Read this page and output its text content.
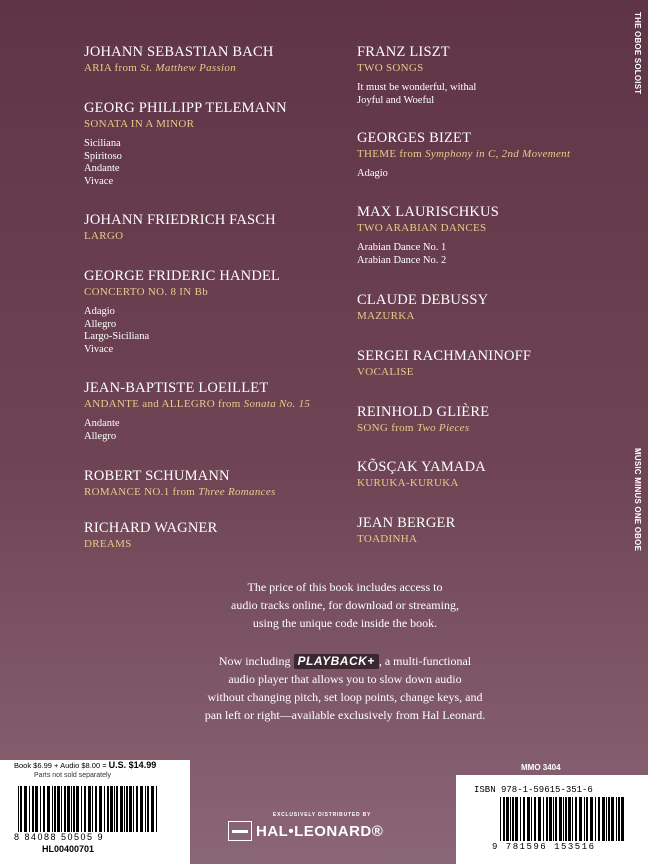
THE OBOE SOLOIST
MUSIC MINUS ONE OBOE
JOHANN SEBASTIAN BACH
ARIA from St. Matthew Passion
GEORG PHILLIPP TELEMANN
SONATA IN A MINOR
Siciliana
Spiritoso
Andante
Vivace
JOHANN FRIEDRICH FASCH
LARGO
GEORGE FRIDERIC HANDEL
CONCERTO NO. 8 IN Bb
Adagio
Allegro
Largo-Siciliana
Vivace
JEAN-BAPTISTE LOEILLET
ANDANTE and ALLEGRO from Sonata No. 15
Andante
Allegro
ROBERT SCHUMANN
ROMANCE NO.1 from Three Romances
RICHARD WAGNER
DREAMS
FRANZ LISZT
TWO SONGS
It must be wonderful, withal
Joyful and Woeful
GEORGES BIZET
THEME from Symphony in C, 2nd Movement
Adagio
MAX LAURISCHKUS
TWO ARABIAN DANCES
Arabian Dance No. 1
Arabian Dance No. 2
CLAUDE DEBUSSY
MAZURKA
SERGEI RACHMANINOFF
VOCALISE
REINHOLD GLIÈRE
SONG from Two Pieces
KÕSÇAK YAMADA
KURUKA-KURUKA
JEAN BERGER
TOADINHA
The price of this book includes access to
audio tracks online, for download or streaming,
using the unique code inside the book.
Now including PLAYBACK+ , a multi-functional
audio player that allows you to slow down audio
without changing pitch, set loop points, change keys, and
pan left or right—available exclusively from Hal Leonard.
Book $6.99 + Audio $8.00 = U.S. $14.99
Parts not sold separately
8 84088 50505 9
HL00400701
MMO 3404
EXCLUSIVELY DISTRIBUTED BY
HAL•LEONARD®
ISBN 978-1-59615-351-6
9 781596 153516
